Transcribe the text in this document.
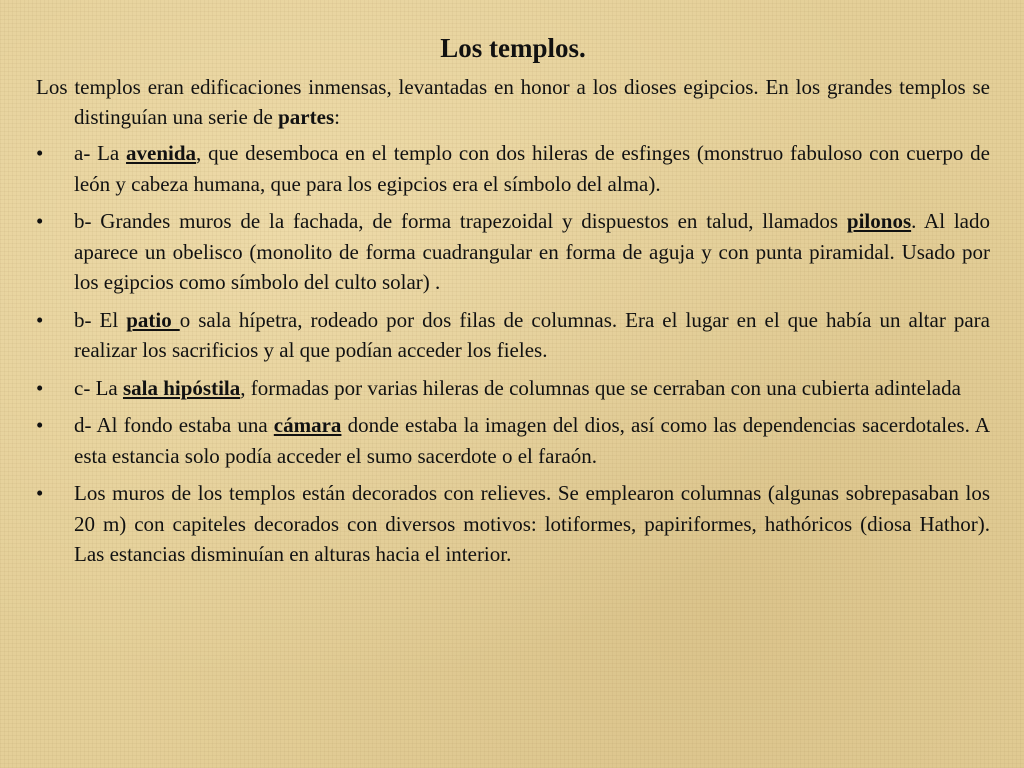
Los templos.

Los templos eran edificaciones inmensas, levantadas en honor a los dioses egipcios. En los grandes templos se distinguían una serie de partes:

•	a- La avenida, que desemboca en el templo con dos hileras de esfinges (monstruo fabuloso con cuerpo de león y cabeza humana, que para los egipcios era el símbolo del alma).
•	b- Grandes muros de la fachada, de forma trapezoidal y dispuestos en talud, llamados pilonos. Al lado aparece un obelisco (monolito de forma cuadrangular en forma de aguja y con punta piramidal. Usado por los egipcios como símbolo del culto solar) .
•	b- El patio o sala hípetra, rodeado por dos filas de columnas. Era el lugar en el que había un altar para realizar los sacrificios y al que podían acceder los fieles.
•	c- La sala hipóstila, formadas por varias hileras de columnas que se cerraban con una cubierta adintelada
•	d- Al fondo estaba una cámara donde estaba la imagen del dios, así como las dependencias sacerdotales. A esta estancia solo podía acceder el sumo sacerdote o el faraón.
•	Los muros de los templos están decorados con relieves. Se emplearon columnas (algunas sobrepasaban los 20 m) con capiteles decorados con diversos motivos: lotiformes, papiriformes, hathóricos (diosa Hathor). Las estancias disminuían en alturas hacia el interior.
